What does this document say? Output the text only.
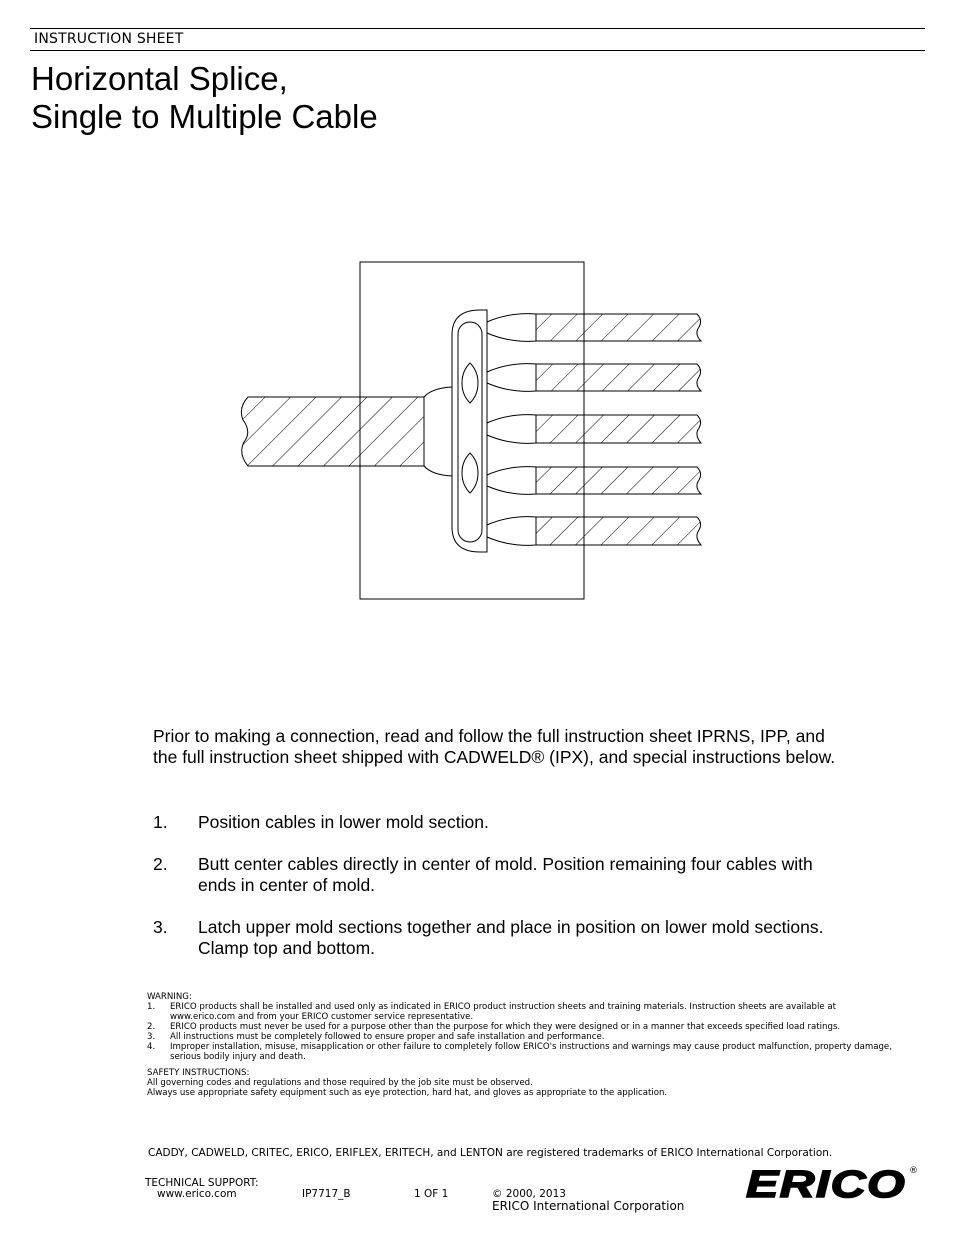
INSTRUCTION SHEET
Horizontal Splice,
Single to Multiple Cable
Prior to making a connection, read and follow the full instruction sheet IPRNS, IPP, and the full instruction sheet shipped with CADWELD® (IPX), and special instructions below.
1. Position cables in lower mold section.
2. Butt center cables directly in center of mold. Position remaining four cables with ends in center of mold.
3. Latch upper mold sections together and place in position on lower mold sections. Clamp top and bottom.
WARNING:
1. ERICO products shall be installed and used only as indicated in ERICO product instruction sheets and training materials. Instruction sheets are available at www.erico.com and from your ERICO customer service representative.
2. ERICO products must never be used for a purpose other than the purpose for which they were designed or in a manner that exceeds specified load ratings.
3. All instructions must be completely followed to ensure proper and safe installation and performance.
4. Improper installation, misuse, misapplication or other failure to completely follow ERICO's instructions and warnings may cause product malfunction, property damage, serious bodily injury and death.
SAFETY INSTRUCTIONS:
All governing codes and regulations and those required by the job site must be observed.
Always use appropriate safety equipment such as eye protection, hard hat, and gloves as appropriate to the application.
CADDY, CADWELD, CRITEC, ERICO, ERIFLEX, ERITECH, and LENTON are registered trademarks of ERICO International Corporation.
TECHNICAL SUPPORT:
www.erico.com	IP7717_B	1 OF 1	© 2000, 2013
ERICO International Corporation ERICO ®
